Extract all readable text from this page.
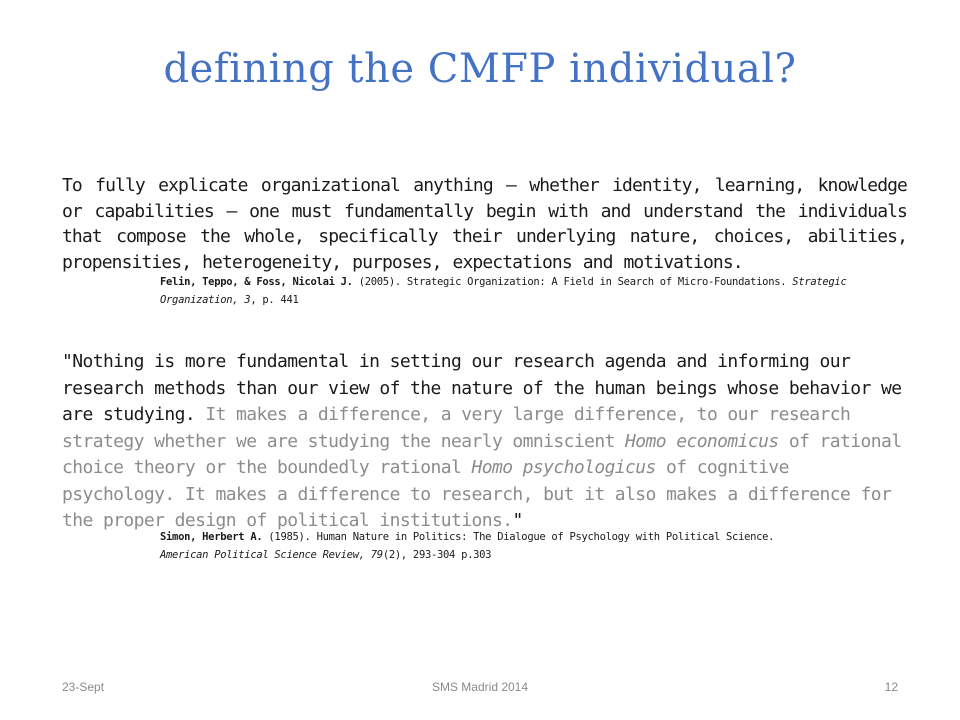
defining the CMFP individual?
To fully explicate organizational anything – whether identity, learning, knowledge or capabilities – one must fundamentally begin with and understand the individuals that compose the whole, specifically their underlying nature, choices, abilities, propensities, heterogeneity, purposes, expectations and motivations.
Felin, Teppo, & Foss, Nicolai J. (2005). Strategic Organization: A Field in Search of Micro-Foundations. Strategic Organization, 3, p. 441
"Nothing is more fundamental in setting our research agenda and informing our research methods than our view of the nature of the human beings whose behavior we are studying. It makes a difference, a very large difference, to our research strategy whether we are studying the nearly omniscient Homo economicus of rational choice theory or the boundedly rational Homo psychologicus of cognitive psychology. It makes a difference to research, but it also makes a difference for the proper design of political institutions."
Simon, Herbert A. (1985). Human Nature in Politics: The Dialogue of Psychology with Political Science.
American Political Science Review, 79(2), 293-304 p.303
23-Sept	SMS Madrid 2014	12
